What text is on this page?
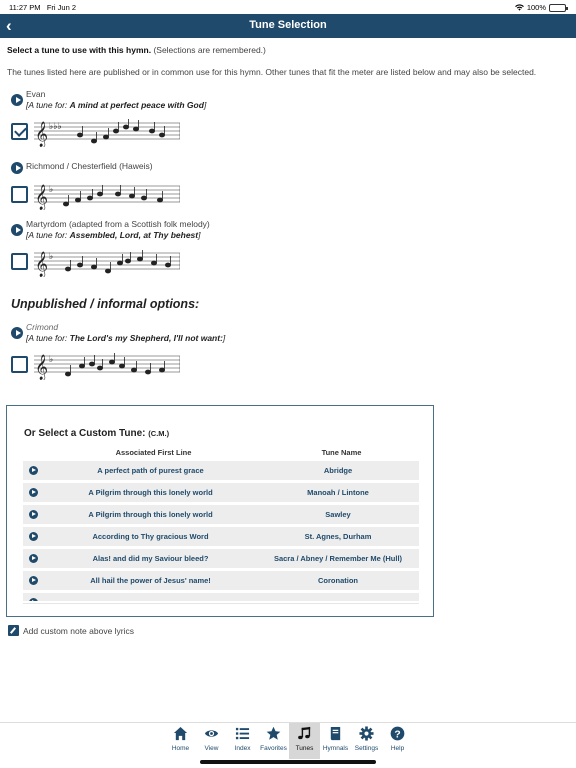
11:27 PM Fri Jun 2	100%
‹	Tune Selection
Select a tune to use with this hymn. (Selections are remembered.)
The tunes listed here are published or in common use for this hymn. Other tunes that fit the meter are listed below and may also be selected.
Evan
[A tune for: A mind at perfect peace with God]
𝄞 ♭♭♭
Richmond / Chesterfield (Haweis)
𝄞 ♭
Martyrdom (adapted from a Scottish folk melody)
[A tune for: Assembled, Lord, at Thy behest]
𝄞 ♭
Unpublished / informal options:
Crimond
[A tune for: The Lord's my Shepherd, I'll not want:]
𝄞 ♭
Or Select a Custom Tune: (C.M.)
Associated First Line	Tune Name
A perfect path of purest grace	Abridge
A Pilgrim through this lonely world	Manoah / Lintone
A Pilgrim through this lonely world	Sawley
According to Thy gracious Word	St. Agnes, Durham
Alas! and did my Saviour bleed?	Sacra / Abney / Remember Me (Hull)
All hail the power of Jesus' name!	Coronation
Add custom note above lyrics
Home View Index Favorites Tunes Hymnals Settings
?
Help
